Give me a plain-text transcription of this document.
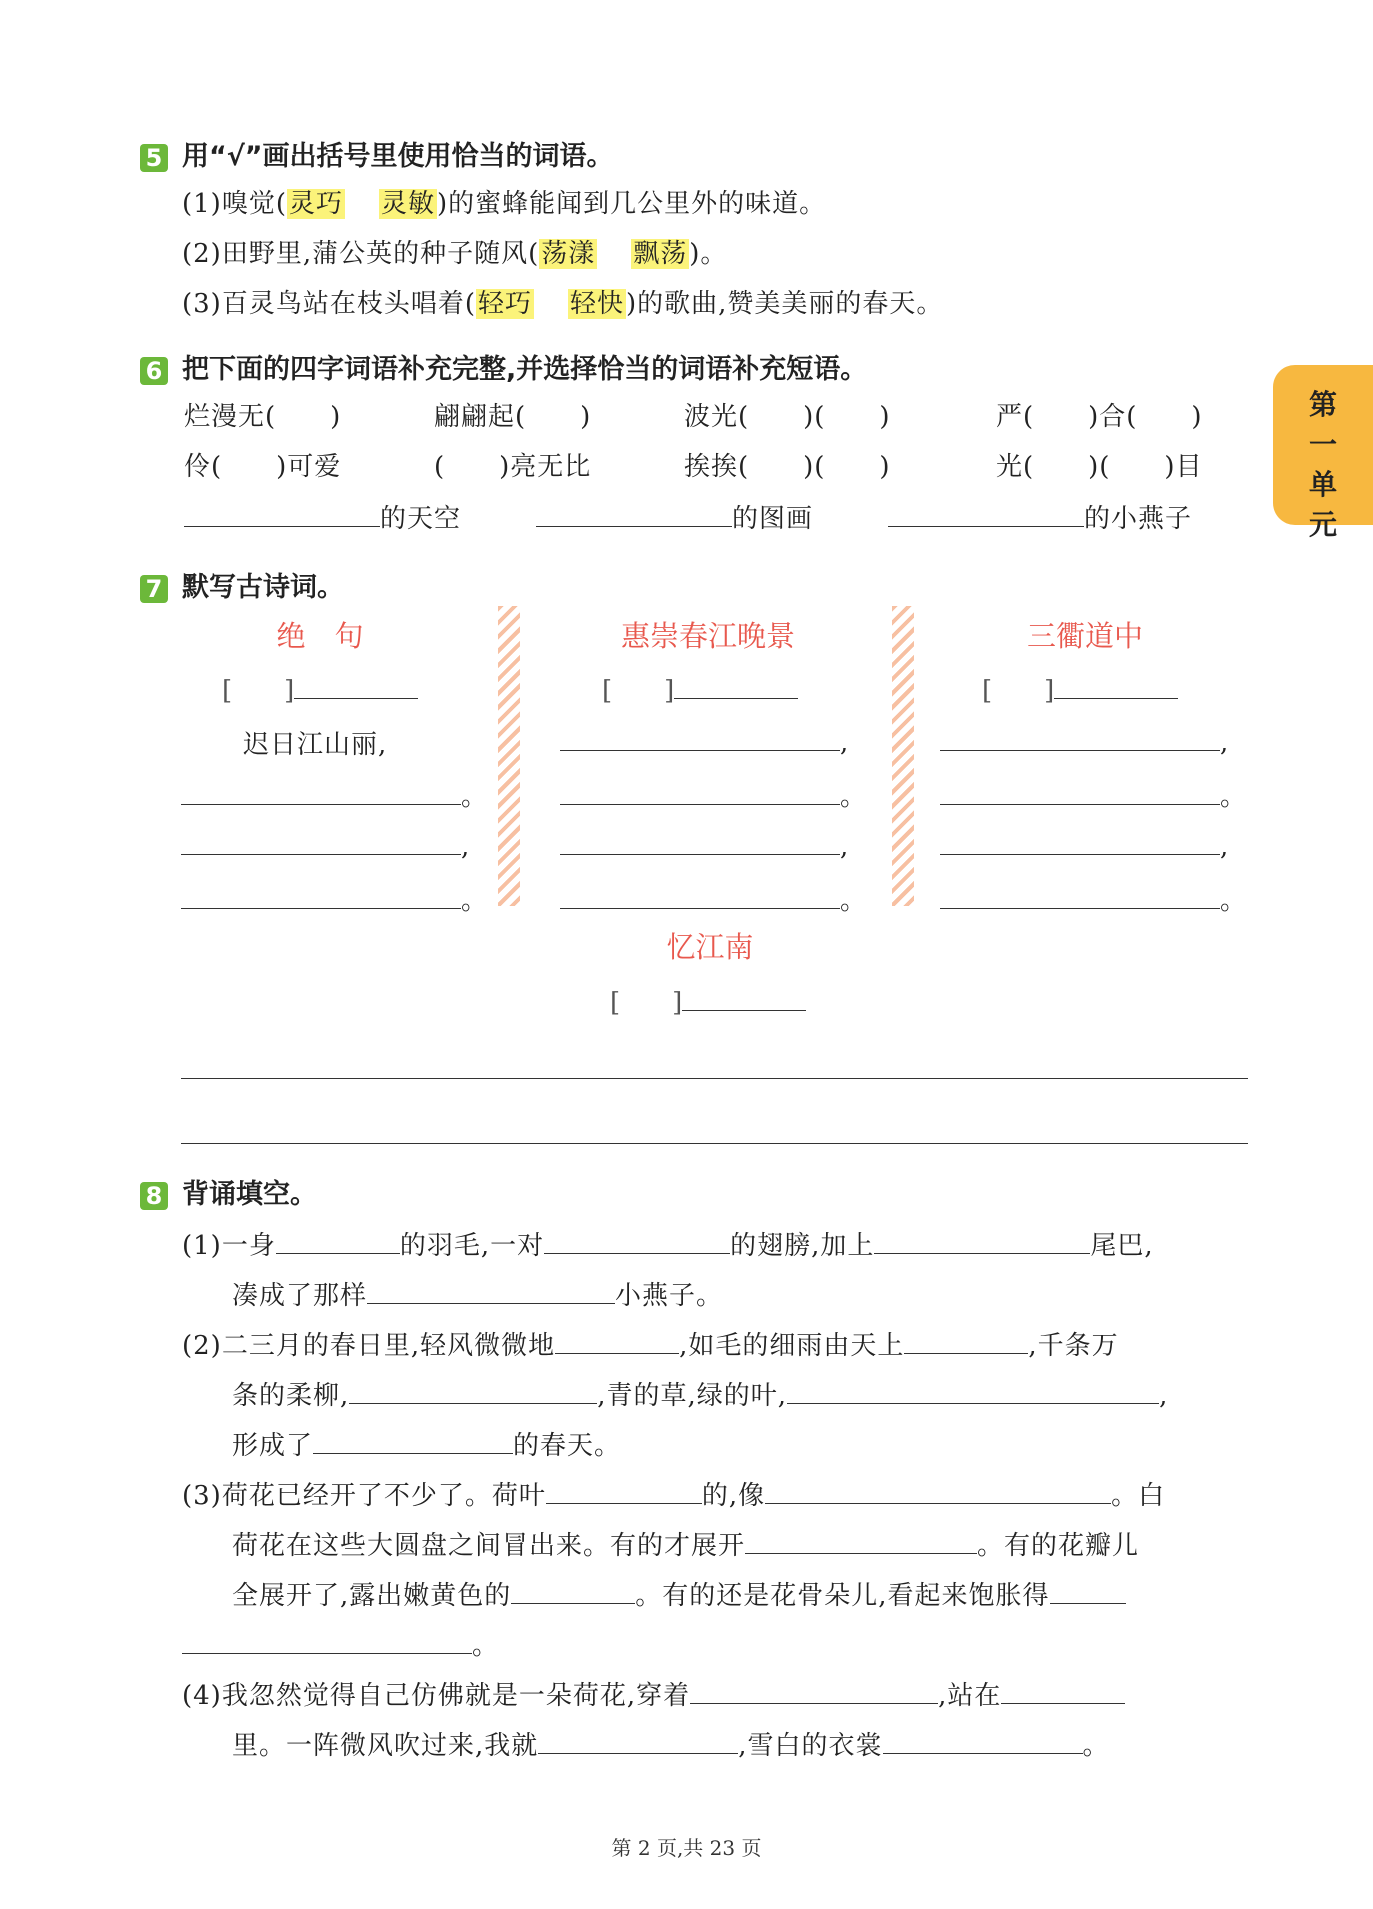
第
一
单
元
5 用“√”画出括号里使用恰当的词语。
(1)嗅觉(灵巧 灵敏)的蜜蜂能闻到几公里外的味道。
(2)田野里,蒲公英的种子随风(荡漾 飘荡)。
(3)百灵鸟站在枝头唱着(轻巧 轻快)的歌曲,赞美美丽的春天。
6 把下面的四字词语补充完整,并选择恰当的词语补充短语。
烂漫无(　　)	翩翩起(　　)	波光(　　)(　　)	严(　　)合(　　)
伶(　　)可爱	(　　)亮无比	挨挨(　　)(　　)	光(　　)(　　)目
的天空	的图画	的小燕子
7 默写古诗词。
绝　句
[　　]
迟日江山丽,
。
,
。
惠崇春江晚景
[　　]
,
。
,
。
三衢道中
[　　]
,
。
,
。
忆江南
[　　]
8 背诵填空。
(1)一身	的羽毛,一对	的翅膀,加上	尾巴,
凑成了那样	小燕子。
(2)二三月的春日里,轻风微微地	,如毛的细雨由天上	,千条万
条的柔柳,	,青的草,绿的叶,	,
形成了	的春天。
(3)荷花已经开了不少了。荷叶	的,像	。白
荷花在这些大圆盘之间冒出来。有的才展开	。有的花瓣儿
全展开了,露出嫩黄色的	。有的还是花骨朵儿,看起来饱胀得
。
(4)我忽然觉得自己仿佛就是一朵荷花,穿着	,站在
里。一阵微风吹过来,我就	,雪白的衣裳	。
第 2 页,共 23 页
